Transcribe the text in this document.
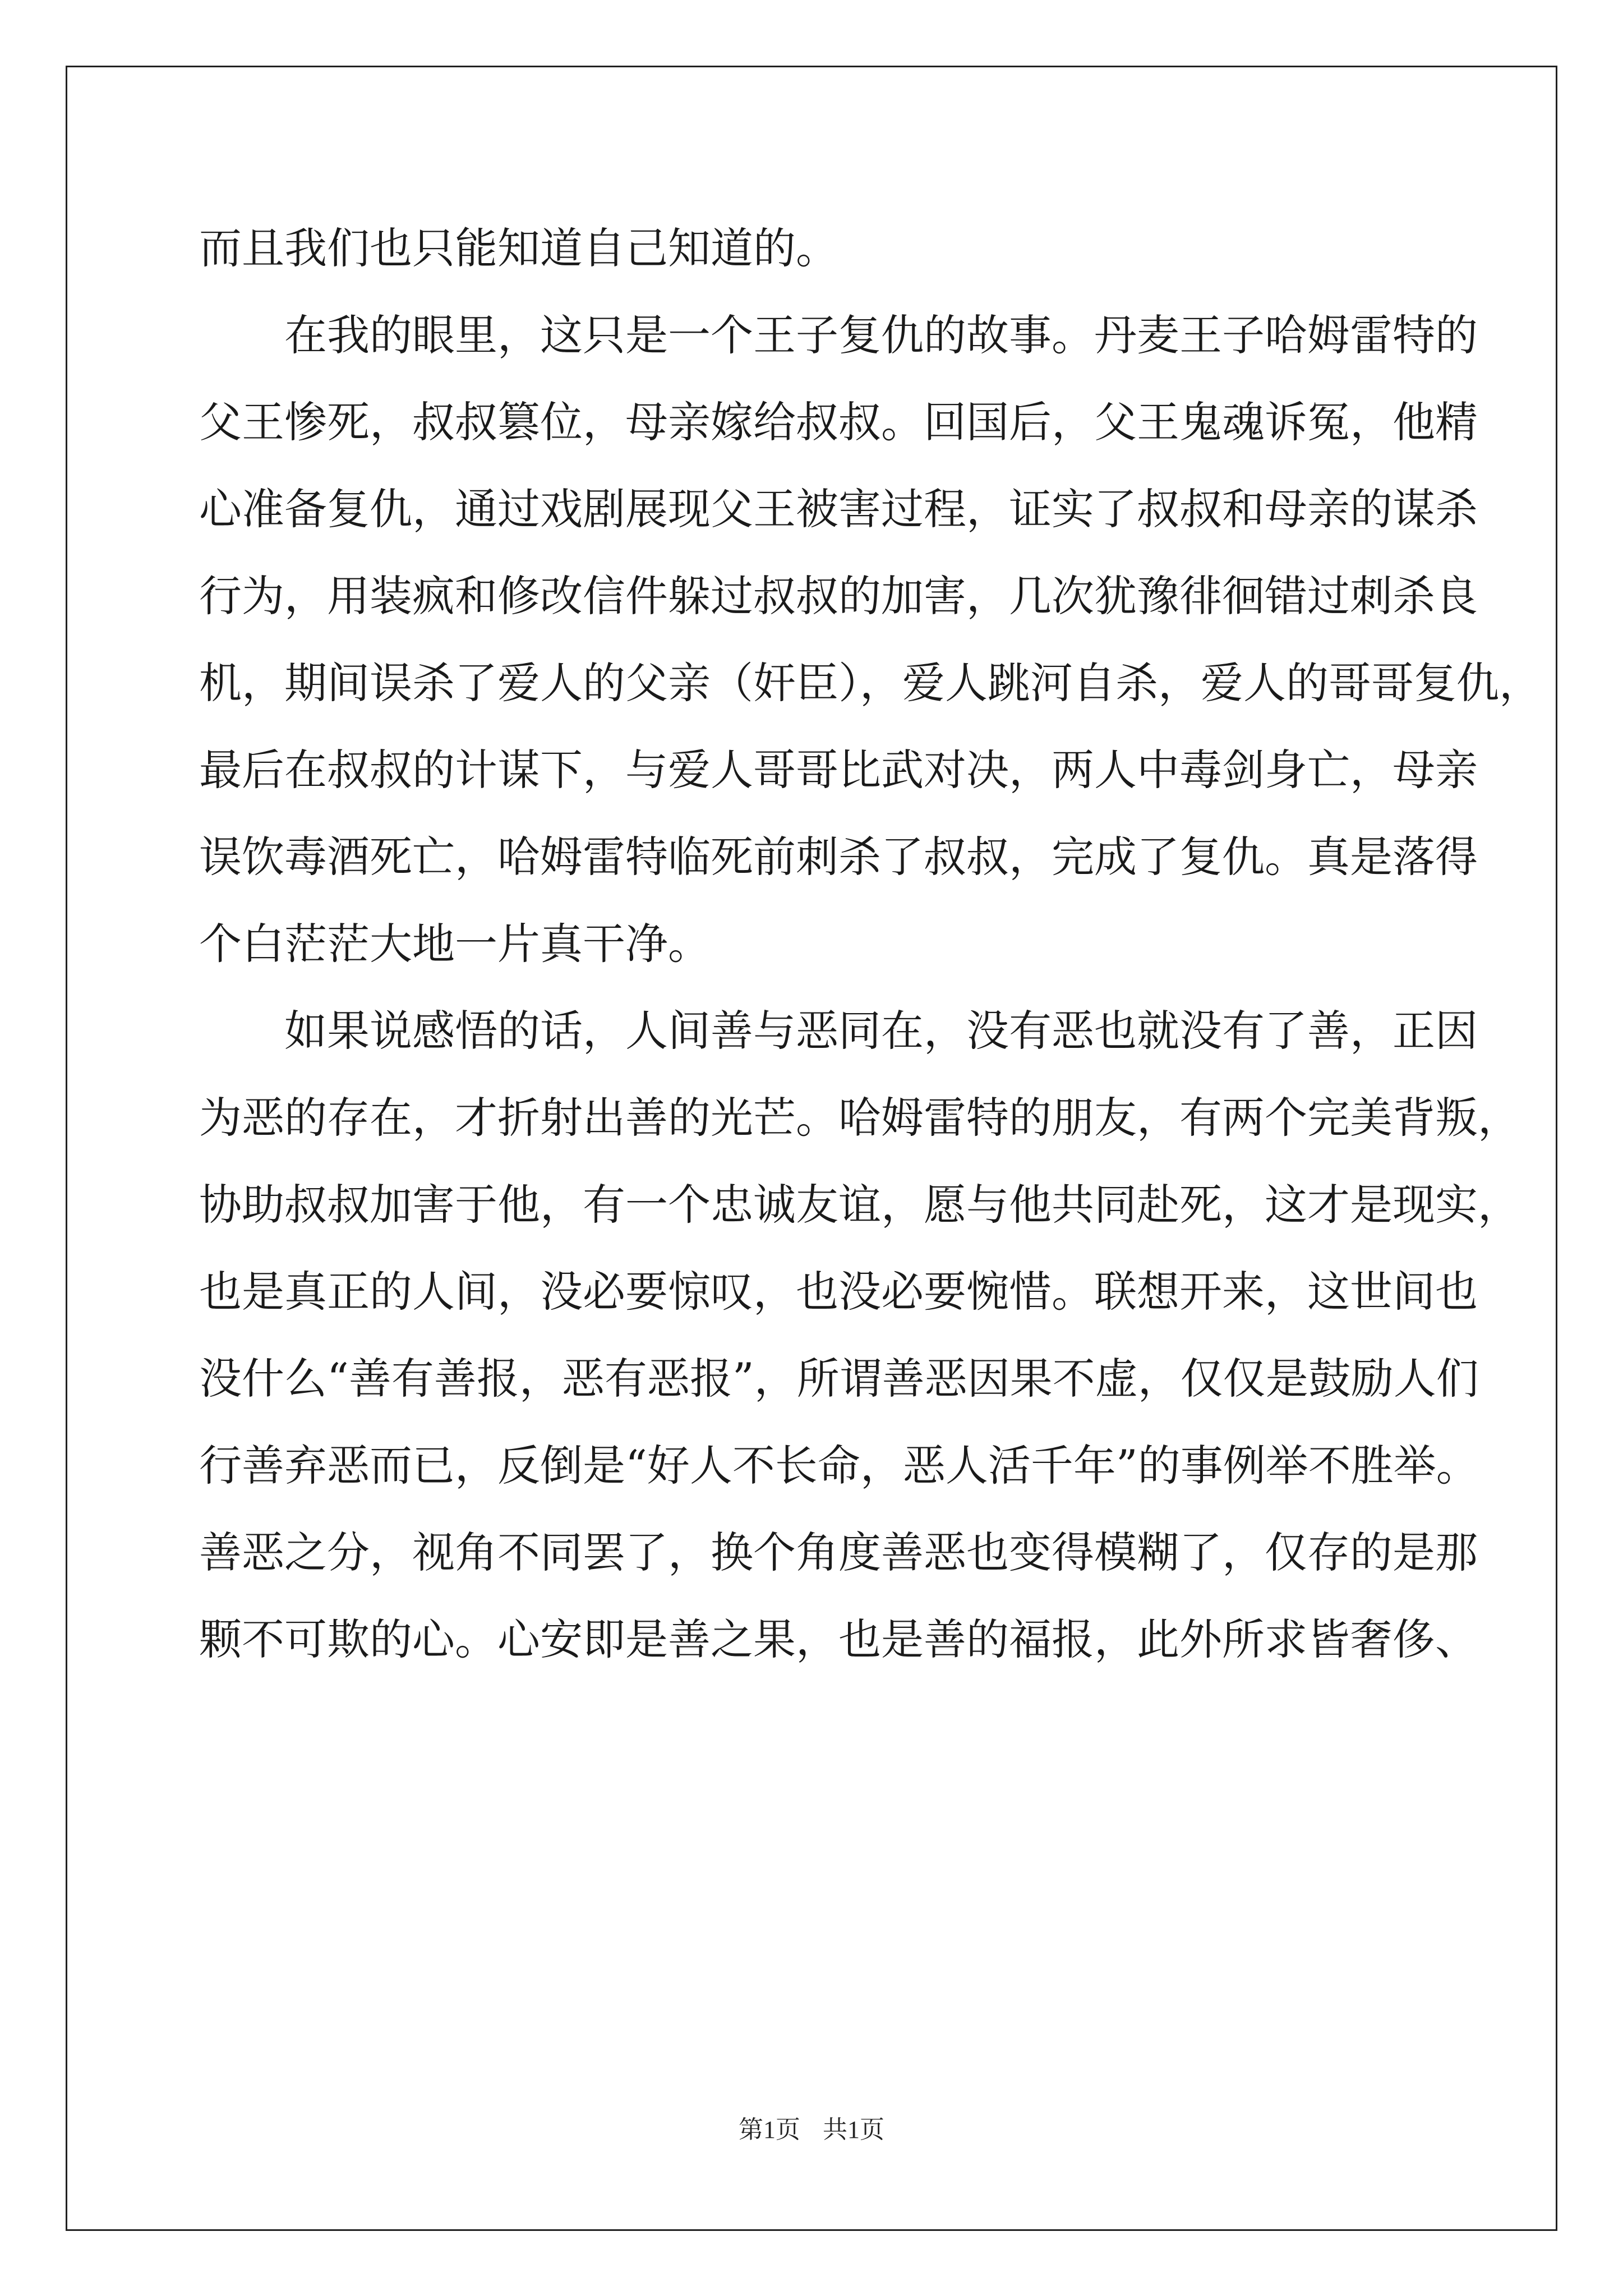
而且我们也只能知道自己知道的。
在我的眼里，这只是一个王子复仇的故事。丹麦王子哈姆雷特的
父王惨死，叔叔篡位，母亲嫁给叔叔。回国后，父王鬼魂诉冤，他精
心准备复仇，通过戏剧展现父王被害过程，证实了叔叔和母亲的谋杀
行为，用装疯和修改信件躲过叔叔的加害，几次犹豫徘徊错过刺杀良
机，期间误杀了爱人的父亲（奸臣），爱人跳河自杀，爱人的哥哥复仇，
最后在叔叔的计谋下，与爱人哥哥比武对决，两人中毒剑身亡，母亲
误饮毒酒死亡，哈姆雷特临死前刺杀了叔叔，完成了复仇。真是落得
个白茫茫大地一片真干净。
如果说感悟的话，人间善与恶同在，没有恶也就没有了善，正因
为恶的存在，才折射出善的光芒。哈姆雷特的朋友，有两个完美背叛，
协助叔叔加害于他，有一个忠诚友谊，愿与他共同赴死，这才是现实，
也是真正的人间，没必要惊叹，也没必要惋惜。联想开来，这世间也
没什么“善有善报，恶有恶报”，所谓善恶因果不虚，仅仅是鼓励人们
行善弃恶而已，反倒是“好人不长命，恶人活千年”的事例举不胜举。
善恶之分，视角不同罢了，换个角度善恶也变得模糊了，仅存的是那
颗不可欺的心。心安即是善之果，也是善的福报，此外所求皆奢侈、
第1页 共1页
